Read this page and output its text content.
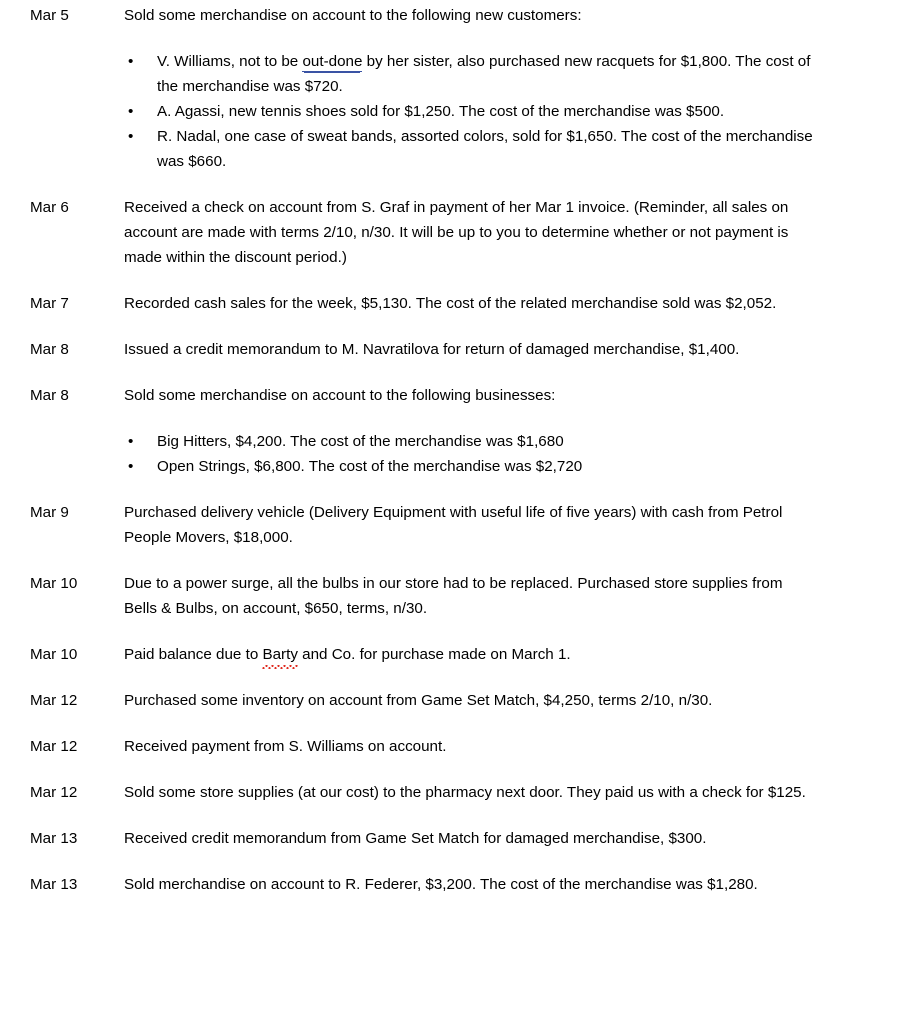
Mar 5	Sold some merchandise on account to the following new customers:

• V. Williams, not to be out-done by her sister, also purchased new racquets for $1,800. The cost of the merchandise was $720.
• A. Agassi, new tennis shoes sold for $1,250. The cost of the merchandise was $500.
• R. Nadal, one case of sweat bands, assorted colors, sold for $1,650. The cost of the merchandise was $660.
Mar 6	Received a check on account from S. Graf in payment of her Mar 1 invoice. (Reminder, all sales on account are made with terms 2/10, n/30. It will be up to you to determine whether or not payment is made within the discount period.)

Mar 7	Recorded cash sales for the week, $5,130. The cost of the related merchandise sold was $2,052.

Mar 8	Issued a credit memorandum to M. Navratilova for return of damaged merchandise, $1,400.

Mar 8	Sold some merchandise on account to the following businesses:

• Big Hitters, $4,200. The cost of the merchandise was $1,680
• Open Strings, $6,800. The cost of the merchandise was $2,720
Mar 9	Purchased delivery vehicle (Delivery Equipment with useful life of five years) with cash from Petrol People Movers, $18,000.

Mar 10	Due to a power surge, all the bulbs in our store had to be replaced. Purchased store supplies from Bells & Bulbs, on account, $650, terms, n/30.

Mar 10	Paid balance due to Barty and Co. for purchase made on March 1.

Mar 12	Purchased some inventory on account from Game Set Match, $4,250, terms 2/10, n/30.

Mar 12	Received payment from S. Williams on account.

Mar 12	Sold some store supplies (at our cost) to the pharmacy next door. They paid us with a check for $125.

Mar 13	Received credit memorandum from Game Set Match for damaged merchandise, $300.

Mar 13	Sold merchandise on account to R. Federer, $3,200. The cost of the merchandise was $1,280.
